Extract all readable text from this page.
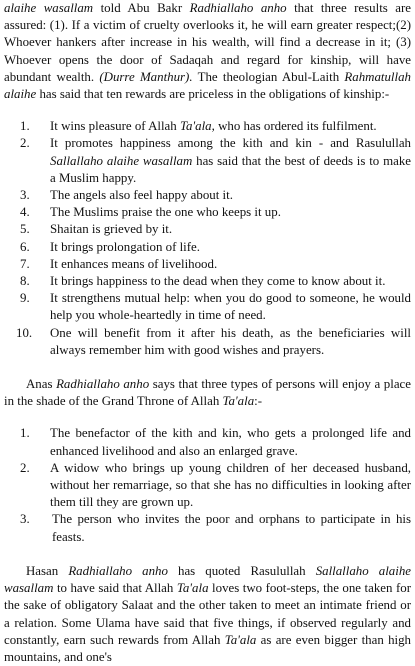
alaihe wasallam told Abu Bakr Radhiallaho anho that three results are assured: (1). If a victim of cruelty overlooks it, he will earn greater respect;(2) Whoever hankers after increase in his wealth, will find a decrease in it; (3) Whoever opens the door of Sadaqah and regard for kinship, will have abundant wealth. (Durre Manthur). The theologian Abul-Laith Rahmatullah alaihe has said that ten rewards are priceless in the obligations of kinship:-

1.	It wins pleasure of Allah Ta'ala, who has ordered its fulfilment.
2.	It promotes happiness among the kith and kin - and Rasulullah Sallallaho alaihe wasallam has said that the best of deeds is to make a Muslim happy.
3.	The angels also feel happy about it.
4.	The Muslims praise the one who keeps it up.
5.	Shaitan is grieved by it.
6.	It brings prolongation of life.
7.	It enhances means of livelihood.
8.	It brings happiness to the dead when they come to know about it.
9.	It strengthens mutual help: when you do good to someone, he would help you whole-heartedly in time of need.
10.	One will benefit from it after his death, as the beneficiaries will always remember him with good wishes and prayers.

Anas Radhiallaho anho says that three types of persons will enjoy a place in the shade of the Grand Throne of Allah Ta'ala:-

1.	The benefactor of the kith and kin, who gets a prolonged life and enhanced livelihood and also an enlarged grave.
2.	A widow who brings up young children of her deceased husband, without her remarriage, so that she has no difficulties in looking after them till they are grown up.
3.	The person who invites the poor and orphans to participate in his feasts.

Hasan Radhiallaho anho has quoted Rasulullah Sallallaho alaihe wasallam to have said that Allah Ta'ala loves two foot-steps, the one taken for the sake of obligatory Salaat and the other taken to meet an intimate friend or a relation. Some Ulama have said that five things, if observed regularly and constantly, earn such rewards from Allah Ta'ala as are even bigger than high mountains, and one's
